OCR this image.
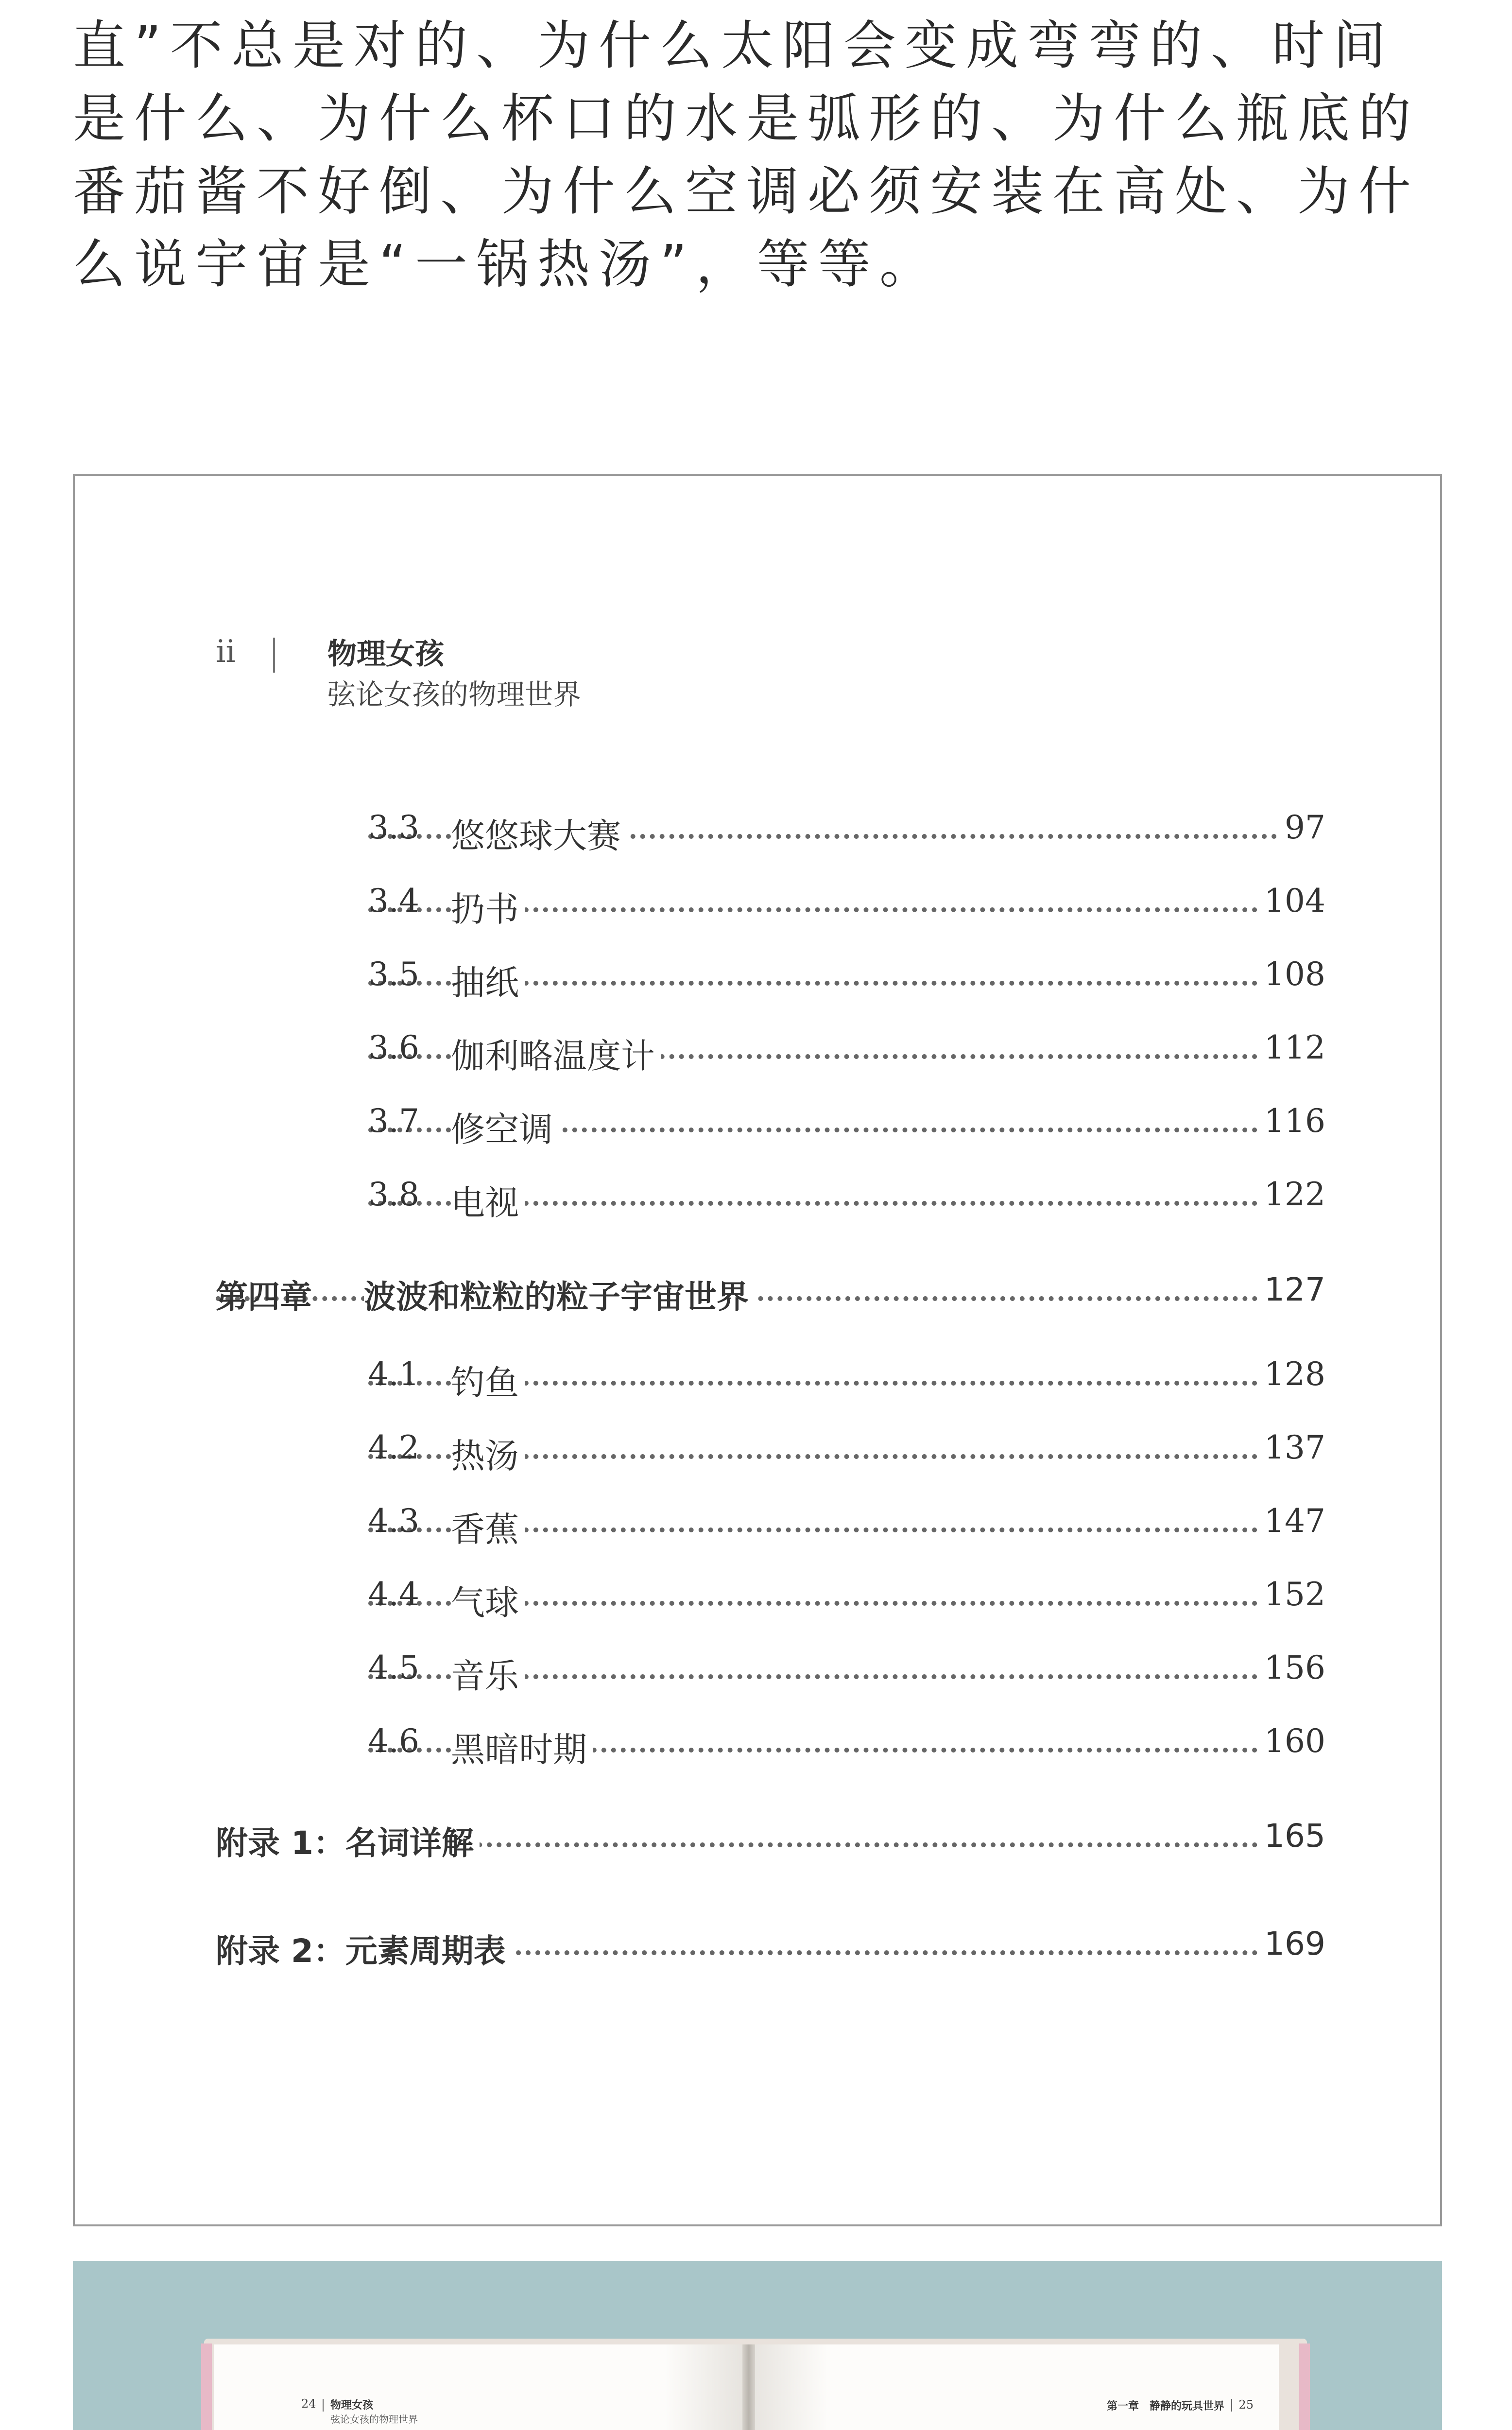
直”不总是对的、为什么太阳会变成弯弯的、时间是什么、为什么杯口的水是弧形的、为什么瓶底的番茄酱不好倒、为什么空调必须安装在高处、为什么说宇宙是“一锅热汤”，等等。

ii	物理女孩
弦论女孩的物理世界
3.3 悠悠球大赛	97
3.4 扔书	104
3.5 抽纸	108
3.6 伽利略温度计	112
3.7 修空调	116
3.8 电视	122
第四章 波波和粒粒的粒子宇宙世界	127
4.1 钓鱼	128
4.2 热汤	137
4.3 香蕉	147
4.4 气球	152
4.5 音乐	156
4.6 黑暗时期	160
附录 1：名词详解	165
附录 2：元素周期表	169
24 物理女孩
弦论女孩的物理世界
第一章　静静的玩具世界 25
